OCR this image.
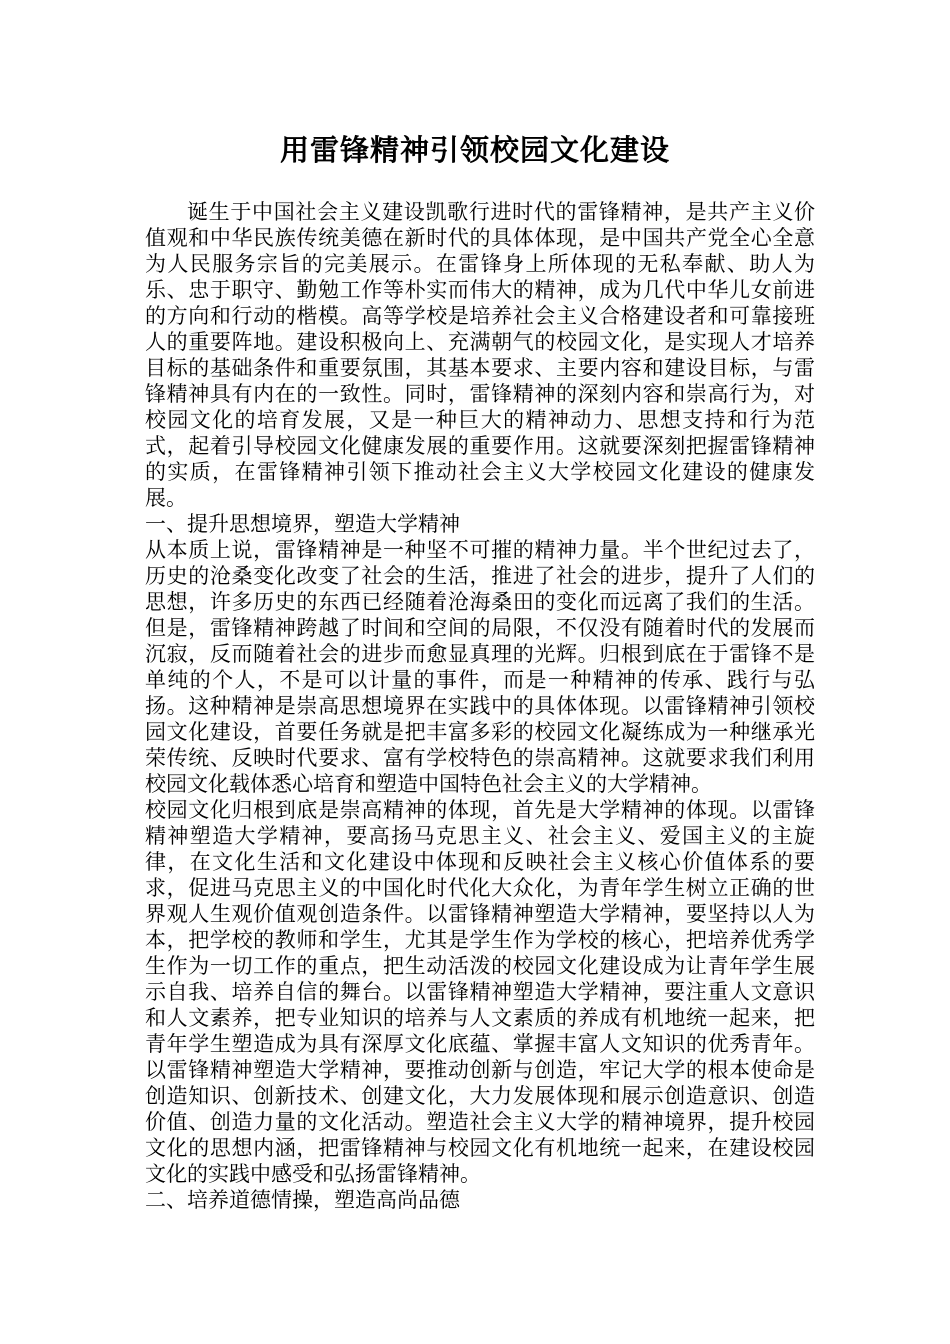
用雷锋精神引领校园文化建设

诞生于中国社会主义建设凯歌行进时代的雷锋精神，是共产主义价值观和中华民族传统美德在新时代的具体体现，是中国共产党全心全意为人民服务宗旨的完美展示。在雷锋身上所体现的无私奉献、助人为乐、忠于职守、勤勉工作等朴实而伟大的精神，成为几代中华儿女前进的方向和行动的楷模。高等学校是培养社会主义合格建设者和可靠接班人的重要阵地。建设积极向上、充满朝气的校园文化，是实现人才培养目标的基础条件和重要氛围，其基本要求、主要内容和建设目标，与雷锋精神具有内在的一致性。同时，雷锋精神的深刻内容和崇高行为，对校园文化的培育发展，又是一种巨大的精神动力、思想支持和行为范式，起着引导校园文化健康发展的重要作用。这就要深刻把握雷锋精神的实质，在雷锋精神引领下推动社会主义大学校园文化建设的健康发展。

一、提升思想境界，塑造大学精神

从本质上说，雷锋精神是一种坚不可摧的精神力量。半个世纪过去了，历史的沧桑变化改变了社会的生活，推进了社会的进步，提升了人们的思想，许多历史的东西已经随着沧海桑田的变化而远离了我们的生活。但是，雷锋精神跨越了时间和空间的局限，不仅没有随着时代的发展而沉寂，反而随着社会的进步而愈显真理的光辉。归根到底在于雷锋不是单纯的个人，不是可以计量的事件，而是一种精神的传承、践行与弘扬。这种精神是崇高思想境界在实践中的具体体现。以雷锋精神引领校园文化建设，首要任务就是把丰富多彩的校园文化凝练成为一种继承光荣传统、反映时代要求、富有学校特色的崇高精神。这就要求我们利用校园文化载体悉心培育和塑造中国特色社会主义的大学精神。

校园文化归根到底是崇高精神的体现，首先是大学精神的体现。以雷锋精神塑造大学精神，要高扬马克思主义、社会主义、爱国主义的主旋律，在文化生活和文化建设中体现和反映社会主义核心价值体系的要求，促进马克思主义的中国化时代化大众化，为青年学生树立正确的世界观人生观价值观创造条件。以雷锋精神塑造大学精神，要坚持以人为本，把学校的教师和学生，尤其是学生作为学校的核心，把培养优秀学生作为一切工作的重点，把生动活泼的校园文化建设成为让青年学生展示自我、培养自信的舞台。以雷锋精神塑造大学精神，要注重人文意识和人文素养，把专业知识的培养与人文素质的养成有机地统一起来，把青年学生塑造成为具有深厚文化底蕴、掌握丰富人文知识的优秀青年。以雷锋精神塑造大学精神，要推动创新与创造，牢记大学的根本使命是创造知识、创新技术、创建文化，大力发展体现和展示创造意识、创造价值、创造力量的文化活动。塑造社会主义大学的精神境界，提升校园文化的思想内涵，把雷锋精神与校园文化有机地统一起来，在建设校园文化的实践中感受和弘扬雷锋精神。

二、培养道德情操，塑造高尚品德
